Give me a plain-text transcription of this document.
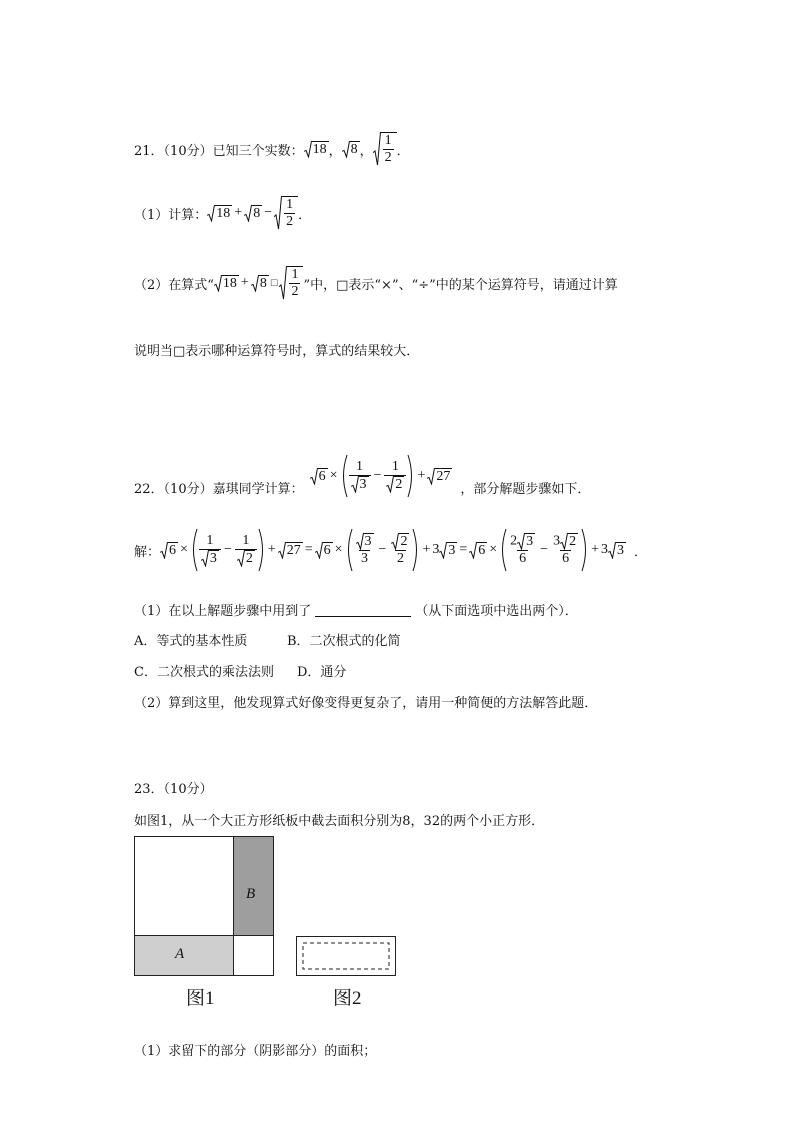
21．（10分）已知三个实数： 18 ， 8 ， $\frac{1}{2}$ ．
（1）计算： $18 + 8 - \frac{1}{2}$ ．
（2）在算式“ 18 + 8 □ $\frac{1}{2}$ ”中，□表示“×”、“÷”中的某个运算符号，请通过计算
说明当□表示哪种运算符号时，算式的结果较大．
22．（10分）嘉琪同学计算：
$6 \times \frac{1}{3} - \frac{1}{2} + 27$
，部分解题步骤如下．
解： $6 \times \frac{1}{3} - \frac{1}{2} + 27 = 6 \times \frac{3}{3} - \frac{2}{2} + 3$ $3 = 6 \times \frac{2 3}{6} - \frac{3 2}{6} + 3$ 3 ．
（1）在以上解题步骤中用到了	（从下面选项中选出两个）．
A．等式的基本性质	B．二次根式的化简
C．二次根式的乘法法则 D．通分
（2）算到这里，他发现算式好像变得更复杂了，请用一种简便的方法解答此题．
23．（10分）
如图1，从一个大正方形纸板中截去面积分别为8，32的两个小正方形．
B
A
图1	图2
（1）求留下的部分（阴影部分）的面积；
